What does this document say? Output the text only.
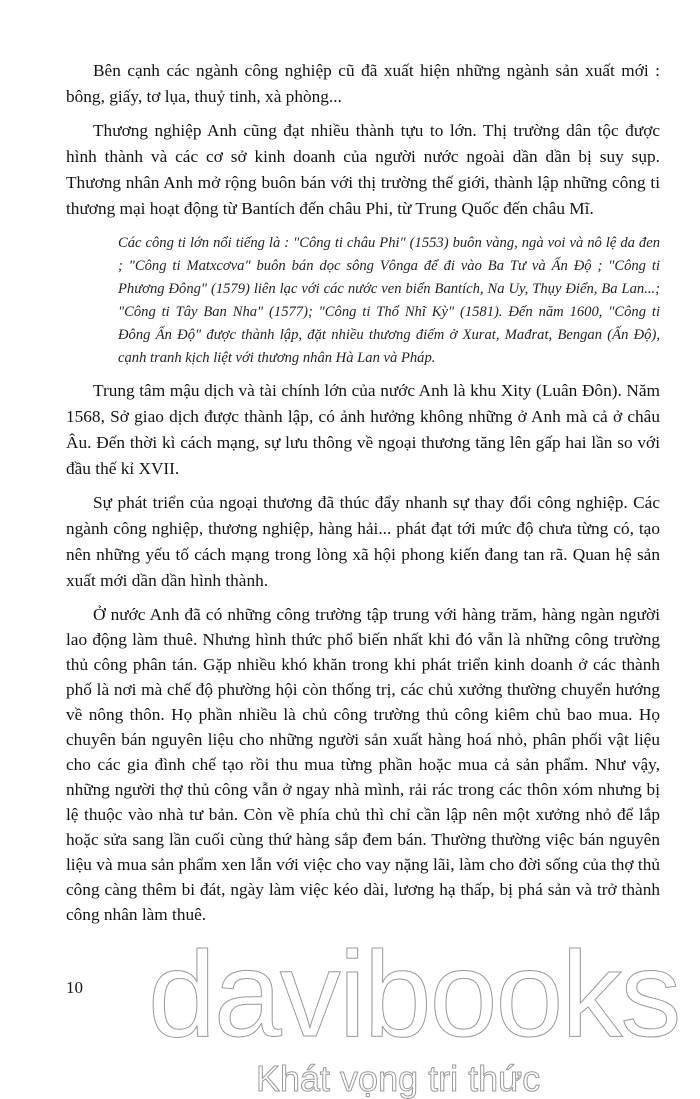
Bên cạnh các ngành công nghiệp cũ đã xuất hiện những ngành sản xuất mới : bông, giấy, tơ lụa, thuỷ tinh, xà phòng...

Thương nghiệp Anh cũng đạt nhiều thành tựu to lớn. Thị trường dân tộc được hình thành và các cơ sở kinh doanh của người nước ngoài dần dần bị suy sụp. Thương nhân Anh mở rộng buôn bán với thị trường thế giới, thành lập những công ti thương mại hoạt động từ Bantích đến châu Phi, từ Trung Quốc đến châu Mĩ.

Các công ti lớn nổi tiếng là : "Công ti châu Phi" (1553) buôn vàng, ngà voi và nô lệ da đen ; "Công ti Matxcơva" buôn bán dọc sông Vônga để đi vào Ba Tư và Ấn Độ ; "Công ti Phương Đông" (1579) liên lạc với các nước ven biển Bantích, Na Uy, Thụy Điển, Ba Lan...; "Công ti Tây Ban Nha" (1577); "Công ti Thổ Nhĩ Kỳ" (1581). Đến năm 1600, "Công ti Đông Ấn Độ" được thành lập, đặt nhiều thương điếm ở Xurat, Mađrat, Bengan (Ấn Độ), cạnh tranh kịch liệt với thương nhân Hà Lan và Pháp.

Trung tâm mậu dịch và tài chính lớn của nước Anh là khu Xity (Luân Đôn). Năm 1568, Sở giao dịch được thành lập, có ảnh hưởng không những ở Anh mà cả ở châu Âu. Đến thời kì cách mạng, sự lưu thông về ngoại thương tăng lên gấp hai lần so với đầu thế kỉ XVII.

Sự phát triển của ngoại thương đã thúc đẩy nhanh sự thay đổi công nghiệp. Các ngành công nghiệp, thương nghiệp, hàng hải... phát đạt tới mức độ chưa từng có, tạo nên những yếu tố cách mạng trong lòng xã hội phong kiến đang tan rã. Quan hệ sản xuất mới dần dần hình thành.

Ở nước Anh đã có những công trường tập trung với hàng trăm, hàng ngàn người lao động làm thuê. Nhưng hình thức phổ biến nhất khi đó vẫn là những công trường thủ công phân tán. Gặp nhiều khó khăn trong khi phát triển kinh doanh ở các thành phố là nơi mà chế độ phường hội còn thống trị, các chủ xưởng thường chuyển hướng về nông thôn. Họ phần nhiều là chủ công trường thủ công kiêm chủ bao mua. Họ chuyên bán nguyên liệu cho những người sản xuất hàng hoá nhỏ, phân phối vật liệu cho các gia đình chế tạo rồi thu mua từng phần hoặc mua cả sản phẩm. Như vậy, những người thợ thủ công vẫn ở ngay nhà mình, rải rác trong các thôn xóm nhưng bị lệ thuộc vào nhà tư bản. Còn về phía chủ thì chỉ cần lập nên một xưởng nhỏ để lắp hoặc sửa sang lần cuối cùng thứ hàng sắp đem bán. Thường thường việc bán nguyên liệu và mua sản phẩm xen lẫn với việc cho vay nặng lãi, làm cho đời sống của thợ thủ công càng thêm bi đát, ngày làm việc kéo dài, lương hạ thấp, bị phá sản và trở thành công nhân làm thuê.

10 davibooks
Khát vọng tri thức
